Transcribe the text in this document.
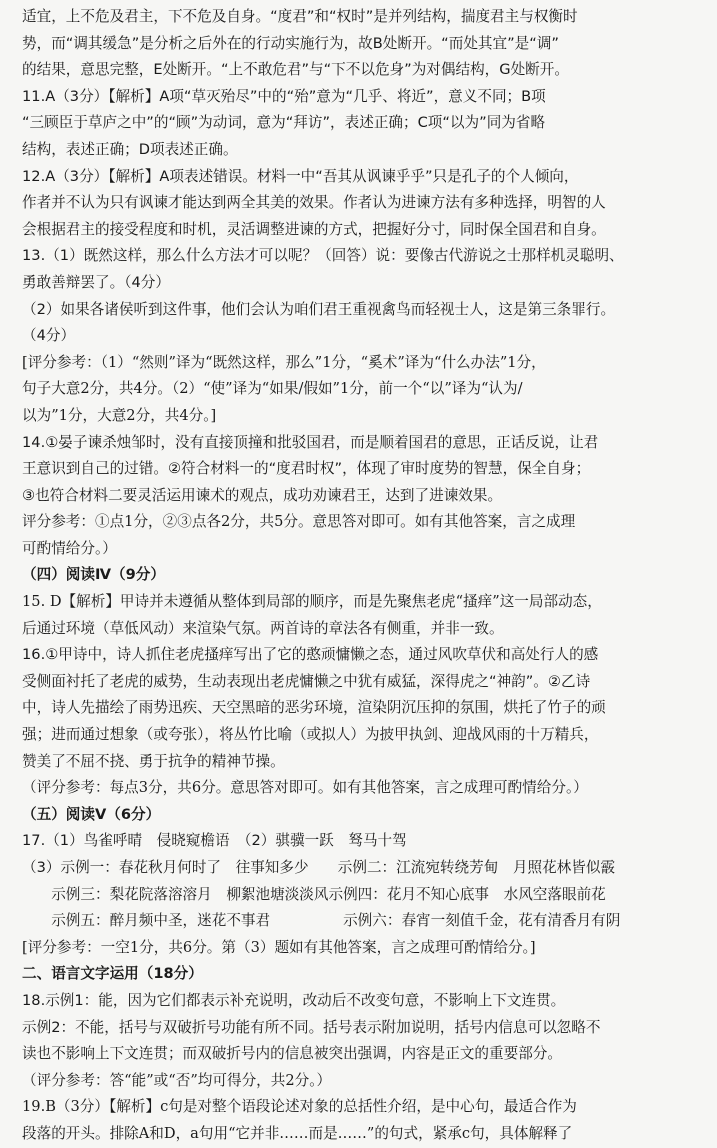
适宜，上不危及君主，下不危及自身。“度君”和“权时”是并列结构，揣度君主与权衡时
势，而“调其缓急”是分析之后外在的行动实施行为，故B处断开。“而处其宜”是“调”
的结果，意思完整，E处断开。“上不敢危君”与“下不以危身”为对偶结构，G处断开。
11.A（3分）【解析】A项“草灭殆尽”中的“殆”意为“几乎、将近”，意义不同；B项
“三顾臣于草庐之中”的“顾”为动词，意为“拜访”，表述正确；C项“以为”同为省略
结构，表述正确；D项表述正确。
12.A（3分）【解析】A项表述错误。材料一中“吾其从讽谏乎乎”只是孔子的个人倾向，
作者并不认为只有讽谏才能达到两全其美的效果。作者认为进谏方法有多种选择，明智的人
会根据君主的接受程度和时机，灵活调整进谏的方式，把握好分寸，同时保全国君和自身。
13.（1）既然这样，那么什么方法才可以呢？（回答）说：要像古代游说之士那样机灵聪明、
勇敢善辩罢了。（4分）
（2）如果各诸侯听到这件事，他们会认为咱们君王重视禽鸟而轻视士人，这是第三条罪行。
（4分）
[评分参考：（1）“然则”译为“既然这样，那么”1分，“奚术”译为“什么办法”1分，
句子大意2分，共4分。（2）“使”译为“如果/假如”1分，前一个“以”译为“认为/
以为”1分，大意2分，共4分。]
14.①晏子谏杀烛邹时，没有直接顶撞和批驳国君，而是顺着国君的意思，正话反说，让君
王意识到自己的过错。②符合材料一的“度君时权”，体现了审时度势的智慧，保全自身；
③也符合材料二要灵活运用谏术的观点，成功劝谏君王，达到了进谏效果。
评分参考：①点1分，②③点各2分，共5分。意思答对即可。如有其他答案，言之成理
可酌情给分。）
（四）阅读Ⅳ（9分）
15. D【解析】甲诗并未遵循从整体到局部的顺序，而是先聚焦老虎“搔痒”这一局部动态，
后通过环境（草低风动）来渲染气氛。两首诗的章法各有侧重，并非一致。
16.①甲诗中，诗人抓住老虎搔痒写出了它的憨顽慵懒之态，通过风吹草伏和高处行人的感
受侧面衬托了老虎的威势，生动表现出老虎慵懒之中犹有威猛，深得虎之“神韵”。②乙诗
中，诗人先描绘了雨势迅疾、天空黑暗的恶劣环境，渲染阴沉压抑的氛围，烘托了竹子的顽
强；进而通过想象（或夸张），将丛竹比喻（或拟人）为披甲执剑、迎战风雨的十万精兵，
赞美了不屈不挠、勇于抗争的精神节操。
（评分参考：每点3分，共6分。意思答对即可。如有其他答案，言之成理可酌情给分。）
（五）阅读Ⅴ（6分）
17.（1）鸟雀呼晴　侵晓窥檐语　（2）骐骥一跃　驽马十驾
（3）示例一：春花秋月何时了　往事知多少　　示例二：江流宛转绕芳甸　月照花林皆似霰
　　示例三：梨花院落溶溶月　柳絮池塘淡淡风示例四：花月不知心底事　水风空落眼前花
　　示例五：醉月频中圣，迷花不事君　　　　　示例六：春宵一刻值千金，花有清香月有阴
[评分参考：一空1分，共6分。第（3）题如有其他答案，言之成理可酌情给分。]
二、语言文字运用（18分）
18.示例1：能，因为它们都表示补充说明，改动后不改变句意，不影响上下文连贯。
示例2：不能，括号与双破折号功能有所不同。括号表示附加说明，括号内信息可以忽略不
读也不影响上下文连贯；而双破折号内的信息被突出强调，内容是正文的重要部分。
（评分参考：答“能”或“否”均可得分，共2分。）
19.B（3分）【解析】c句是对整个语段论述对象的总括性介绍，是中心句，最适合作为
段落的开头。排除A和D，a句用“它并非……而是……”的句式，紧承c句，具体解释了
